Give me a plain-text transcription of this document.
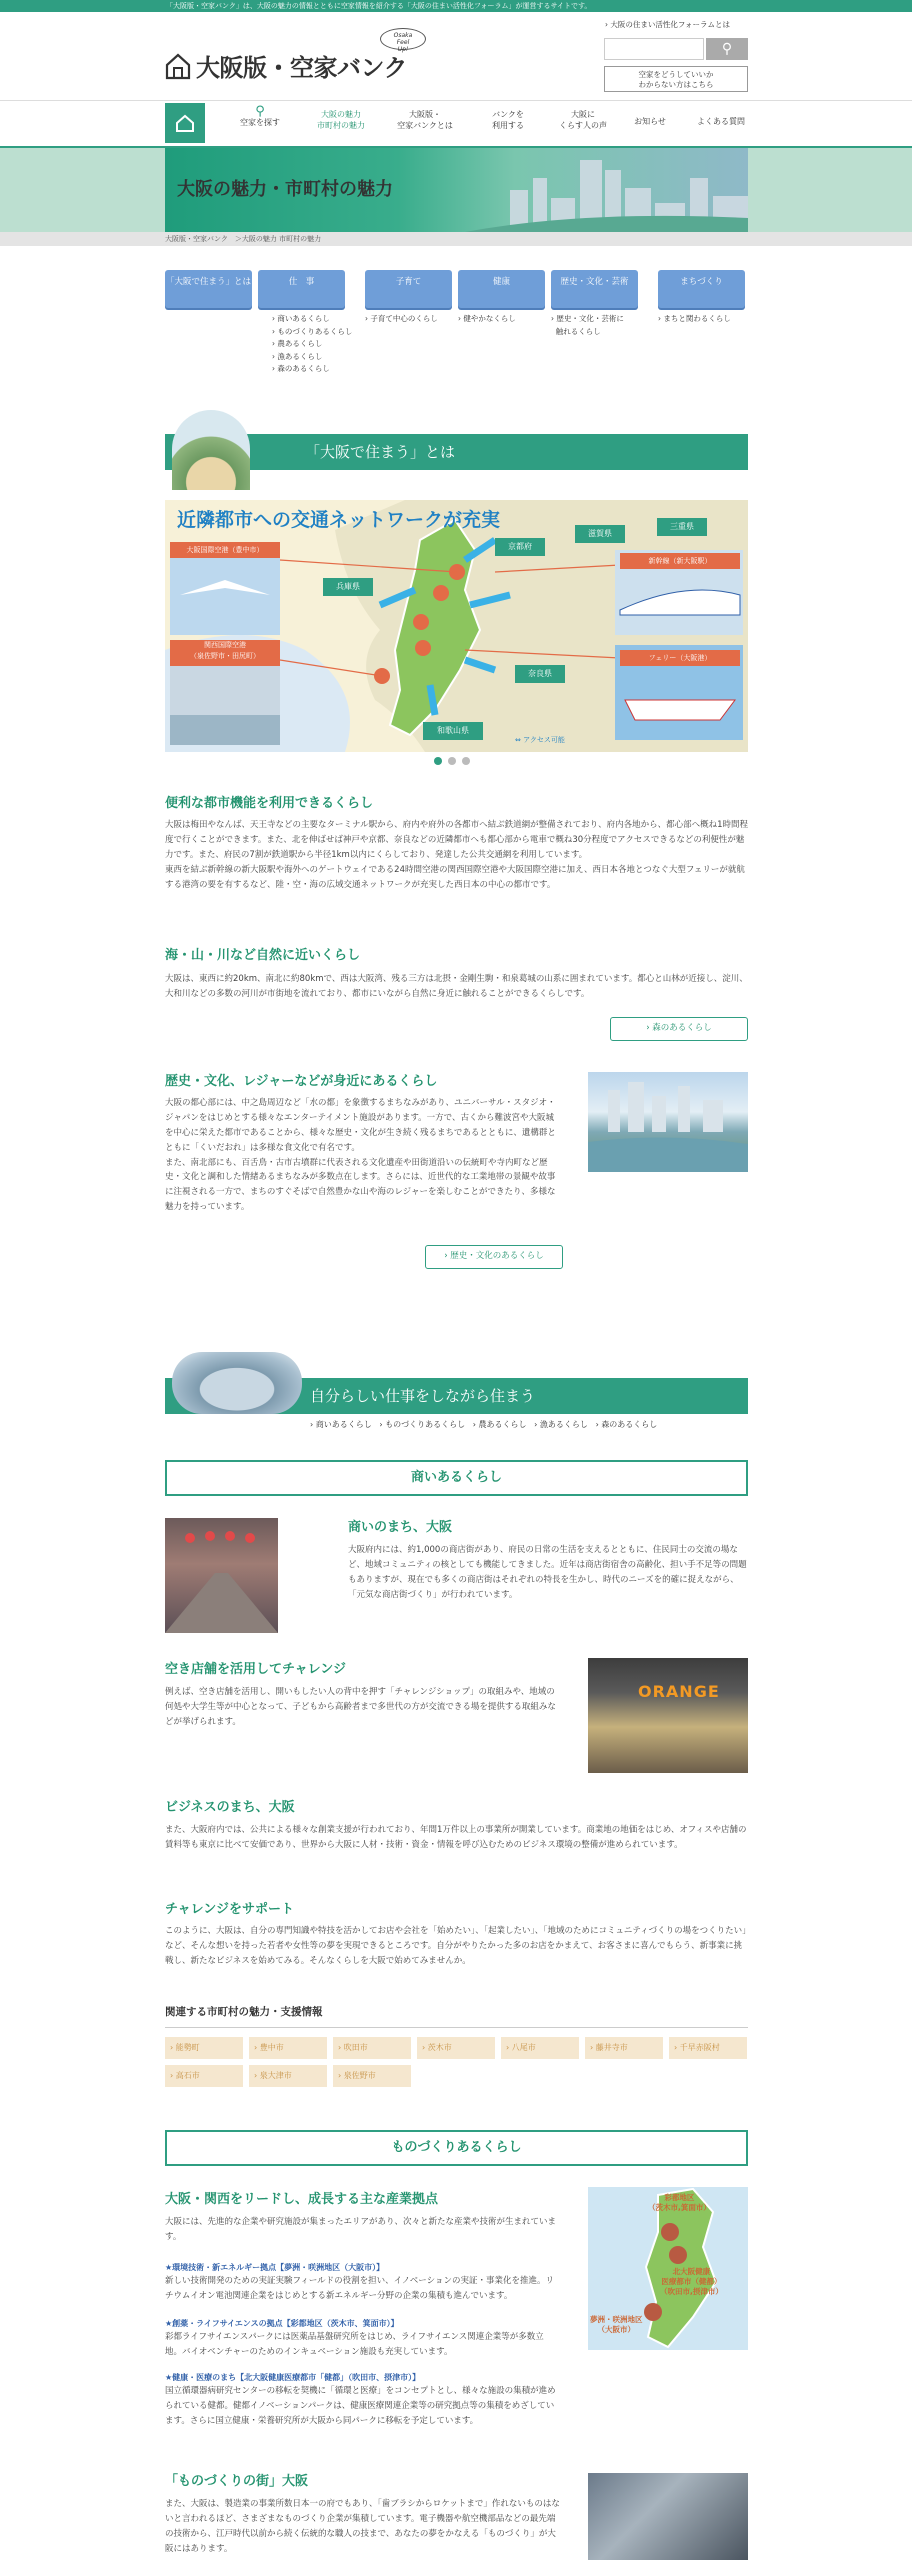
「大阪版・空家バンク」は、大阪の魅力の情報とともに空家情報を紹介する「大阪の住まい活性化フォーラム」が運営するサイトです。
大阪版・空家バンク
Osaka
Feel
Up!
› 大阪の住まい活性化フォーラムとは
⚲
空家をどうしていいか
わからない方はこちら
⚲
空家を探す
大阪の魅力
市町村の魅力
大阪版・
空家バンクとは
バンクを
利用する
大阪に
くらす人の声	お知らせ	よくある質問
大阪の魅力・市町村の魅力
大阪版・空家バンク　＞大阪の魅力 市町村の魅力
「大阪で住まう」とは	仕　事	子育て	健康	歴史・文化・芸術	まちづくり
› 商いあるくらし
› ものづくりあるくらし
› 農あるくらし
› 漁あるくらし
› 森のあるくらし
› 子育て中心のくらし	› 健やかなくらし	› 歴史・文化・芸術に
触れるくらし
› まちと関わるくらし
「大阪で住まう」とは
近隣都市への交通ネットワークが充実
大阪国際空港（豊中市）
関西国際空港
（泉佐野市・田尻町）
兵庫県
京都府
滋賀県
三重県
新幹線（新大阪駅）
奈良県
フェリー（大阪港）
和歌山県
⇔ アクセス可能
便利な都市機能を利用できるくらし
大阪は梅田やなんば、天王寺などの主要なターミナル駅から、府内や府外の各都市へ結ぶ鉄道網が整備されており、府内各地から、都心部へ概ね1時間程度で行くことができます。また、北を伸ばせば神戸や京都、奈良などの近隣都市へも都心部から電車で概ね30分程度でアクセスできるなどの利便性が魅力です。また、府民の7割が鉄道駅から半径1km以内にくらしており、発達した公共交通網を利用しています。
東西を結ぶ新幹線の新大阪駅や海外へのゲートウェイである24時間空港の関西国際空港や大阪国際空港に加え、西日本各地とつなぐ大型フェリーが就航する港湾の要を有するなど、陸・空・海の広域交通ネットワークが充実した西日本の中心の都市です。
海・山・川など自然に近いくらし
大阪は、東西に約20km、南北に約80kmで、西は大阪湾、残る三方は北摂・金剛生駒・和泉葛城の山系に囲まれています。都心と山林が近接し、淀川、大和川などの多数の河川が市街地を流れており、都市にいながら自然に身近に触れることができるくらしです。
› 森のあるくらし
歴史・文化、レジャーなどが身近にあるくらし
大阪の都心部には、中之島周辺など「水の都」を象徴するまちなみがあり、ユニバーサル・スタジオ・ジャパンをはじめとする様々なエンターテイメント施設があります。一方で、古くから難波宮や大阪城を中心に栄えた都市であることから、様々な歴史・文化が生き続く残るまちであるとともに、遺構群とともに「くいだおれ」は多様な食文化で有名です。
また、南北部にも、百舌鳥・古市古墳群に代表される文化遺産や田街道沿いの伝統町や寺内町など歴史・文化と調和した情緒あるまちなみが多数点在します。さらには、近世代的な工業地帯の景観や故事に注視される一方で、まちのすぐそばで自然豊かな山や海のレジャーを楽しむことができたり、多様な魅力を持っています。
› 歴史・文化のあるくらし
自分らしい仕事をしながら住まう
› 商いあるくらし › ものづくりあるくらし › 農あるくらし › 漁あるくらし › 森のあるくらし
商いあるくらし
商いのまち、大阪
大阪府内には、約1,000の商店街があり、府民の日常の生活を支えるとともに、住民同士の交流の場など、地域コミュニティの核としても機能してきました。近年は商店街宿舎の高齢化、担い手不足等の問題もありますが、現在でも多くの商店街はそれぞれの特長を生かし、時代のニーズを的確に捉えながら、「元気な商店街づくり」が行われています。
空き店舗を活用してチャレンジ
例えば、空き店舗を活用し、開いもしたい人の背中を押す「チャレンジショップ」の取組みや、地域の何処や大学生等が中心となって、子どもから高齢者まで多世代の方が交流できる場を提供する取組みなどが挙げられます。
ORANGE
ビジネスのまち、大阪
また、大阪府内では、公共による様々な創業支援が行われており、年間1万件以上の事業所が開業しています。商業地の地価をはじめ、オフィスや店舗の賃料等も東京に比べて安価であり、世界から大阪に人材・技術・資金・情報を呼び込むためのビジネス環境の整備が進められています。
チャレンジをサポート
このように、大阪は、自分の専門知識や特技を活かしてお店や会社を「始めたい」、「起業したい」、「地域のためにコミュニティづくりの場をつくりたい」など、そんな想いを持った若者や女性等の夢を実現できるところです。自分がやりたかった多のお店をかまえて、お客さまに喜んでもらう、新事業に挑戦し、新たなビジネスを始めてみる。そんなくらしを大阪で始めてみませんか。
関連する市町村の魅力・支援情報
› 能勢町	› 豊中市	› 吹田市	› 茨木市	› 八尾市	› 藤井寺市	› 千早赤阪村
› 高石市	› 泉大津市	› 泉佐野市
ものづくりあるくらし
大阪・関西をリードし、成長する主な産業拠点
大阪には、先進的な企業や研究施設が集まったエリアがあり、次々と新たな産業や技術が生まれています。
★環境技術・新エネルギー拠点【夢洲・咲洲地区（大阪市）】
新しい技術開発のための実証実験フィールドの役割を担い、イノベーションの実証・事業化を推進。リチウムイオン電池関連企業をはじめとする新エネルギー分野の企業の集積も進んでいます。
★創薬・ライフサイエンスの拠点【彩都地区（茨木市、箕面市）】
彩都ライフサイエンスパークには医薬品基盤研究所をはじめ、ライフサイエンス関連企業等が多数立地。バイオベンチャーのためのインキュベーション施設も充実しています。
★健康・医療のまち【北大阪健康医療都市「健都」（吹田市、摂津市）】
国立循環器病研究センターの移転を契機に「循環と医療」をコンセプトとし、様々な施設の集積が進められている健都。健都イノベーションパークは、健康医療関連企業等の研究拠点等の集積をめざしています。さらに国立健康・栄養研究所が大阪から同パークに移転を予定しています。
彩都地区
（茨木市,箕面市）
北大阪健康
医療都市（健都）
（吹田市,摂津市）
夢洲・咲洲地区
（大阪市）
「ものづくりの街」大阪
また、大阪は、製造業の事業所数日本一の府でもあり、「歯ブラシからロケットまで」作れないものはないと言われるほど、さまざまなものづくり企業が集積しています。電子機器や航空機部品などの最先端の技術から、江戸時代以前から続く伝統的な職人の技まで、あなたの夢をかなえる「ものづくり」が大阪にはあります。
